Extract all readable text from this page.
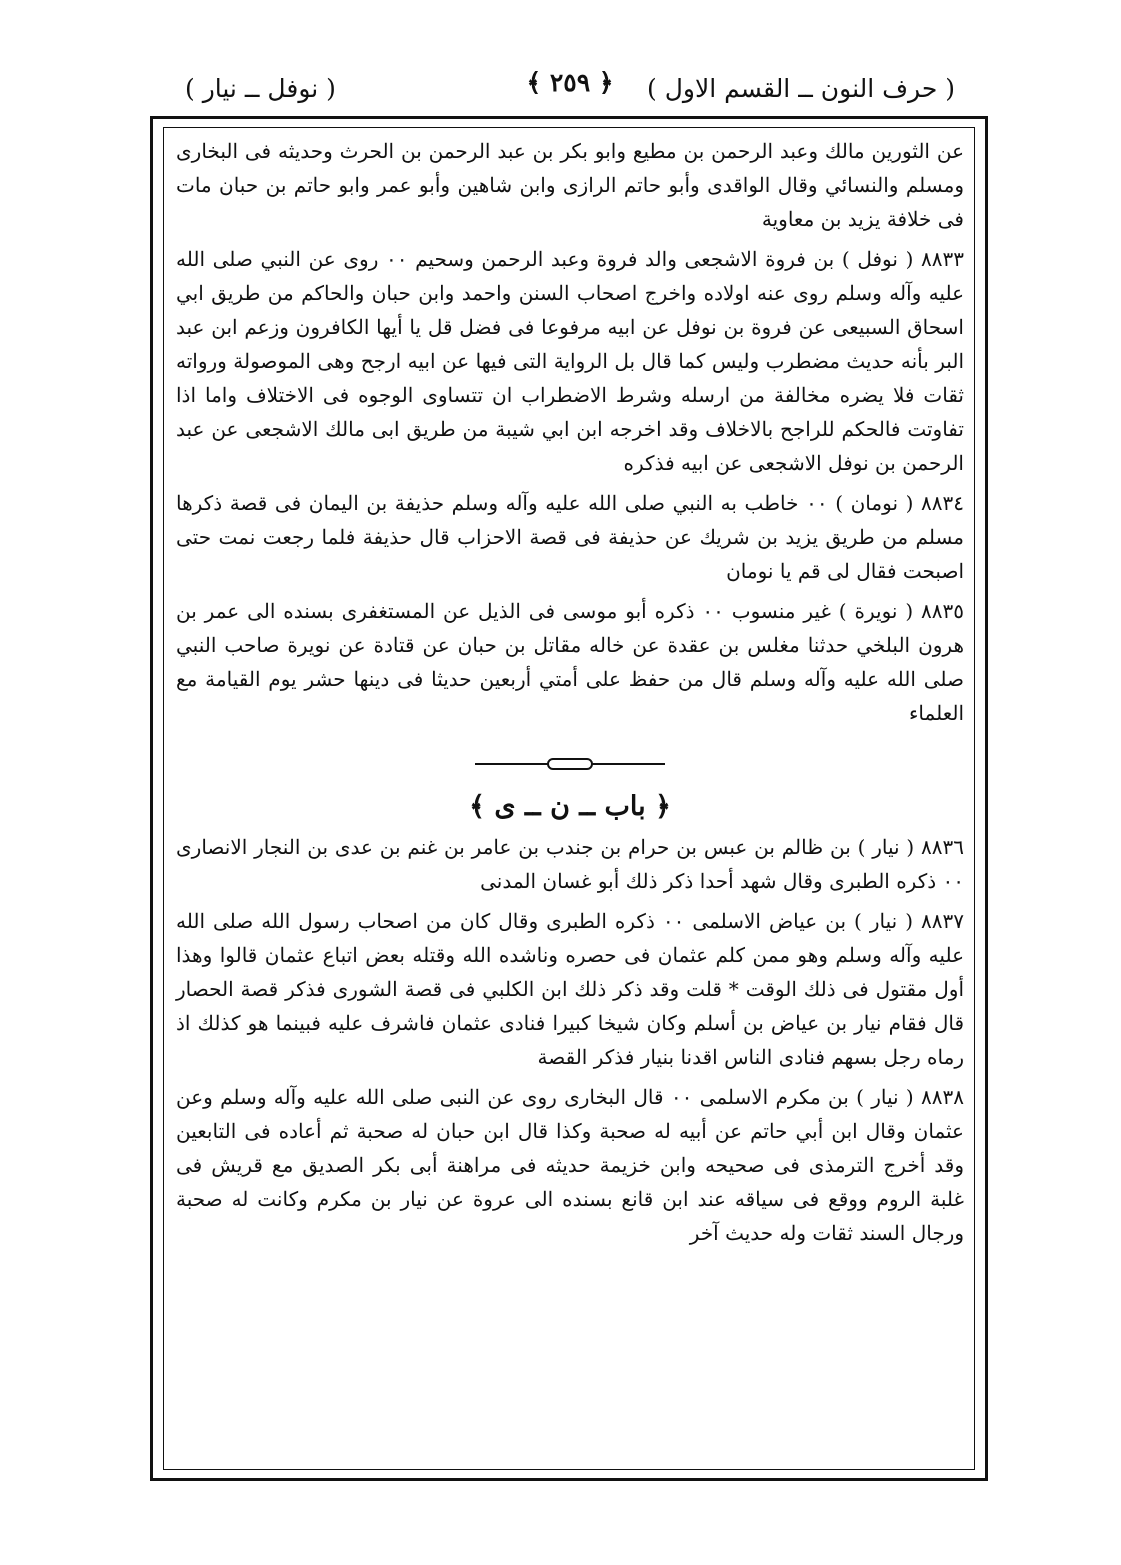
( حرف النون ــ القسم الاول )
﴿ ٢٥٩ ﴾
( نوفل ــ نيار )

عن الثورين مالك وعبد الرحمن بن مطيع وابو بكر بن عبد الرحمن بن الحرث وحديثه فى البخارى ومسلم والنسائي وقال الواقدى وأبو حاتم الرازى وابن شاهين وأبو عمر وابو حاتم بن حبان مات فى خلافة يزيد بن معاوية

٨٨٣٣ ( نوفل ) بن فروة الاشجعى والد فروة وعبد الرحمن وسحيم ٠٠ روى عن النبي صلى الله عليه وآله وسلم روى عنه اولاده واخرج اصحاب السنن واحمد وابن حبان والحاكم من طريق ابي اسحاق السبيعى عن فروة بن نوفل عن ابيه مرفوعا فى فضل قل يا أيها الكافرون وزعم ابن عبد البر بأنه حديث مضطرب وليس كما قال بل الرواية التى فيها عن ابيه ارجح وهى الموصولة ورواته ثقات فلا يضره مخالفة من ارسله وشرط الاضطراب ان تتساوى الوجوه فى الاختلاف واما اذا تفاوتت فالحكم للراجح بالاخلاف وقد اخرجه ابن ابي شيبة من طريق ابى مالك الاشجعى عن عبد الرحمن بن نوفل الاشجعى عن ابيه فذكره

٨٨٣٤ ( نومان ) ٠٠ خاطب به النبي صلى الله عليه وآله وسلم حذيفة بن اليمان فى قصة ذكرها مسلم من طريق يزيد بن شريك عن حذيفة فى قصة الاحزاب قال حذيفة فلما رجعت نمت حتى اصبحت فقال لى قم يا نومان

٨٨٣٥ ( نويرة ) غير منسوب ٠٠ ذكره أبو موسى فى الذيل عن المستغفرى بسنده الى عمر بن هرون البلخي حدثنا مغلس بن عقدة عن خاله مقاتل بن حبان عن قتادة عن نويرة صاحب النبي صلى الله عليه وآله وسلم قال من حفظ على أمتي أربعين حديثا فى دينها حشر يوم القيامة مع العلماء

﴿ باب ــ ن ــ ى ﴾

٨٨٣٦ ( نيار ) بن ظالم بن عبس بن حرام بن جندب بن عامر بن غنم بن عدى بن النجار الانصارى ٠٠ ذكره الطبرى وقال شهد أحدا ذكر ذلك أبو غسان المدنى

٨٨٣٧ ( نيار ) بن عياض الاسلمى ٠٠ ذكره الطبرى وقال كان من اصحاب رسول الله صلى الله عليه وآله وسلم وهو ممن كلم عثمان فى حصره وناشده الله وقتله بعض اتباع عثمان قالوا وهذا أول مقتول فى ذلك الوقت * قلت وقد ذكر ذلك ابن الكلبي فى قصة الشورى فذكر قصة الحصار قال فقام نيار بن عياض بن أسلم وكان شيخا كبيرا فنادى عثمان فاشرف عليه فبينما هو كذلك اذ رماه رجل بسهم فنادى الناس اقدنا بنيار فذكر القصة

٨٨٣٨ ( نيار ) بن مكرم الاسلمى ٠٠ قال البخارى روى عن النبى صلى الله عليه وآله وسلم وعن عثمان وقال ابن أبي حاتم عن أبيه له صحبة وكذا قال ابن حبان له صحبة ثم أعاده فى التابعين وقد أخرج الترمذى فى صحيحه وابن خزيمة حديثه فى مراهنة أبى بكر الصديق مع قريش فى غلبة الروم ووقع فى سياقه عند ابن قانع بسنده الى عروة عن نيار بن مكرم وكانت له صحبة ورجال السند ثقات وله حديث آخر
